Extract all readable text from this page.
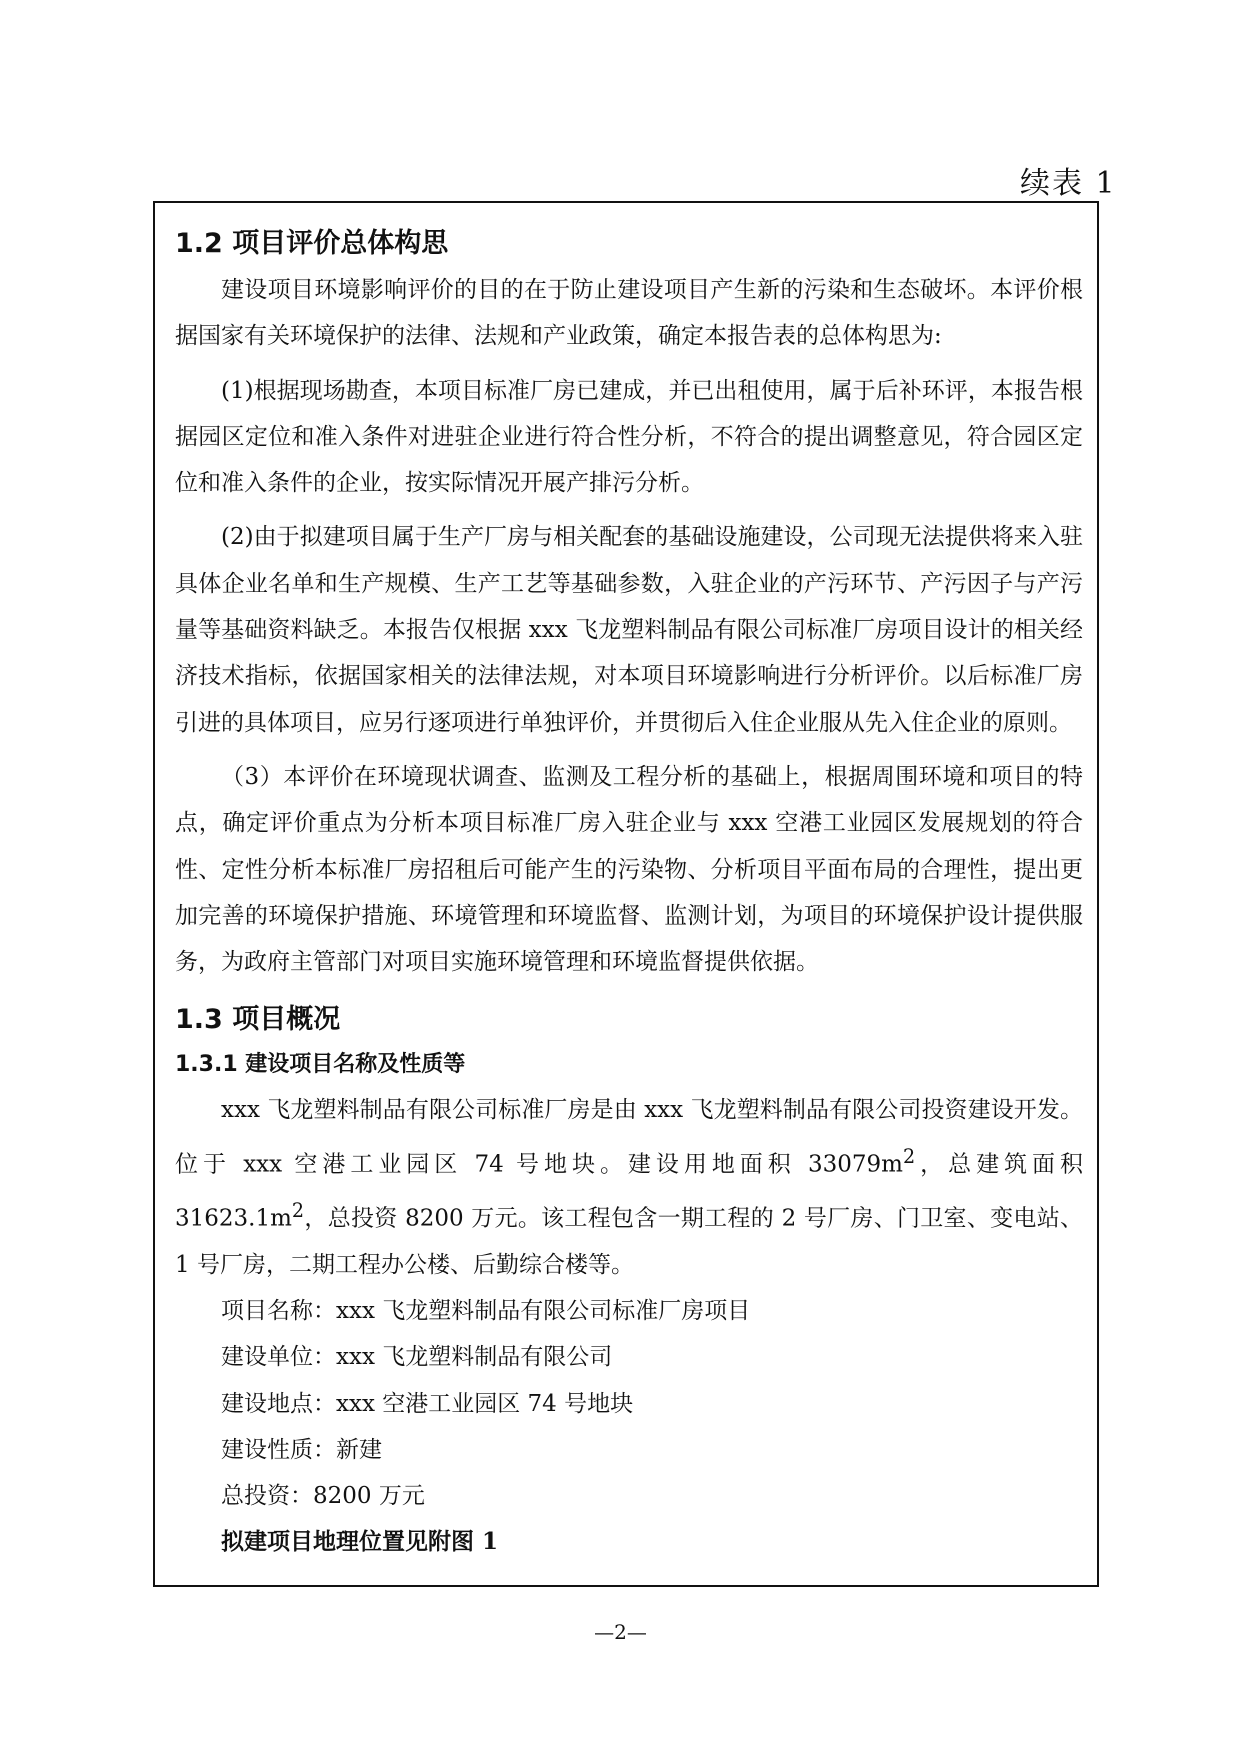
续表 1
1.2 项目评价总体构思

建设项目环境影响评价的目的在于防止建设项目产生新的污染和生态破坏。本评价根据国家有关环境保护的法律、法规和产业政策，确定本报告表的总体构思为:

(1)根据现场勘查，本项目标准厂房已建成，并已出租使用，属于后补环评，本报告根据园区定位和准入条件对进驻企业进行符合性分析，不符合的提出调整意见，符合园区定位和准入条件的企业，按实际情况开展产排污分析。

(2)由于拟建项目属于生产厂房与相关配套的基础设施建设，公司现无法提供将来入驻具体企业名单和生产规模、生产工艺等基础参数，入驻企业的产污环节、产污因子与产污量等基础资料缺乏。本报告仅根据 xxx 飞龙塑料制品有限公司标准厂房项目设计的相关经济技术指标，依据国家相关的法律法规，对本项目环境影响进行分析评价。以后标准厂房引进的具体项目，应另行逐项进行单独评价，并贯彻后入住企业服从先入住企业的原则。

（3）本评价在环境现状调查、监测及工程分析的基础上，根据周围环境和项目的特点，确定评价重点为分析本项目标准厂房入驻企业与 xxx 空港工业园区发展规划的符合性、定性分析本标准厂房招租后可能产生的污染物、分析项目平面布局的合理性，提出更加完善的环境保护措施、环境管理和环境监督、监测计划，为项目的环境保护设计提供服务，为政府主管部门对项目实施环境管理和环境监督提供依据。

1.3 项目概况
1.3.1 建设项目名称及性质等

xxx 飞龙塑料制品有限公司标准厂房是由 xxx 飞龙塑料制品有限公司投资建设开发。位于 xxx 空港工业园区 74 号地块。建设用地面积 $33079m^2$，总建筑面积 $31623.1m^2$，总投资 8200 万元。该工程包含一期工程的 2 号厂房、门卫室、变电站、1 号厂房，二期工程办公楼、后勤综合楼等。

项目名称：xxx 飞龙塑料制品有限公司标准厂房项目

建设单位：xxx 飞龙塑料制品有限公司

建设地点：xxx 空港工业园区 74 号地块

建设性质：新建

总投资：8200 万元

拟建项目地理位置见附图 1

—2—
